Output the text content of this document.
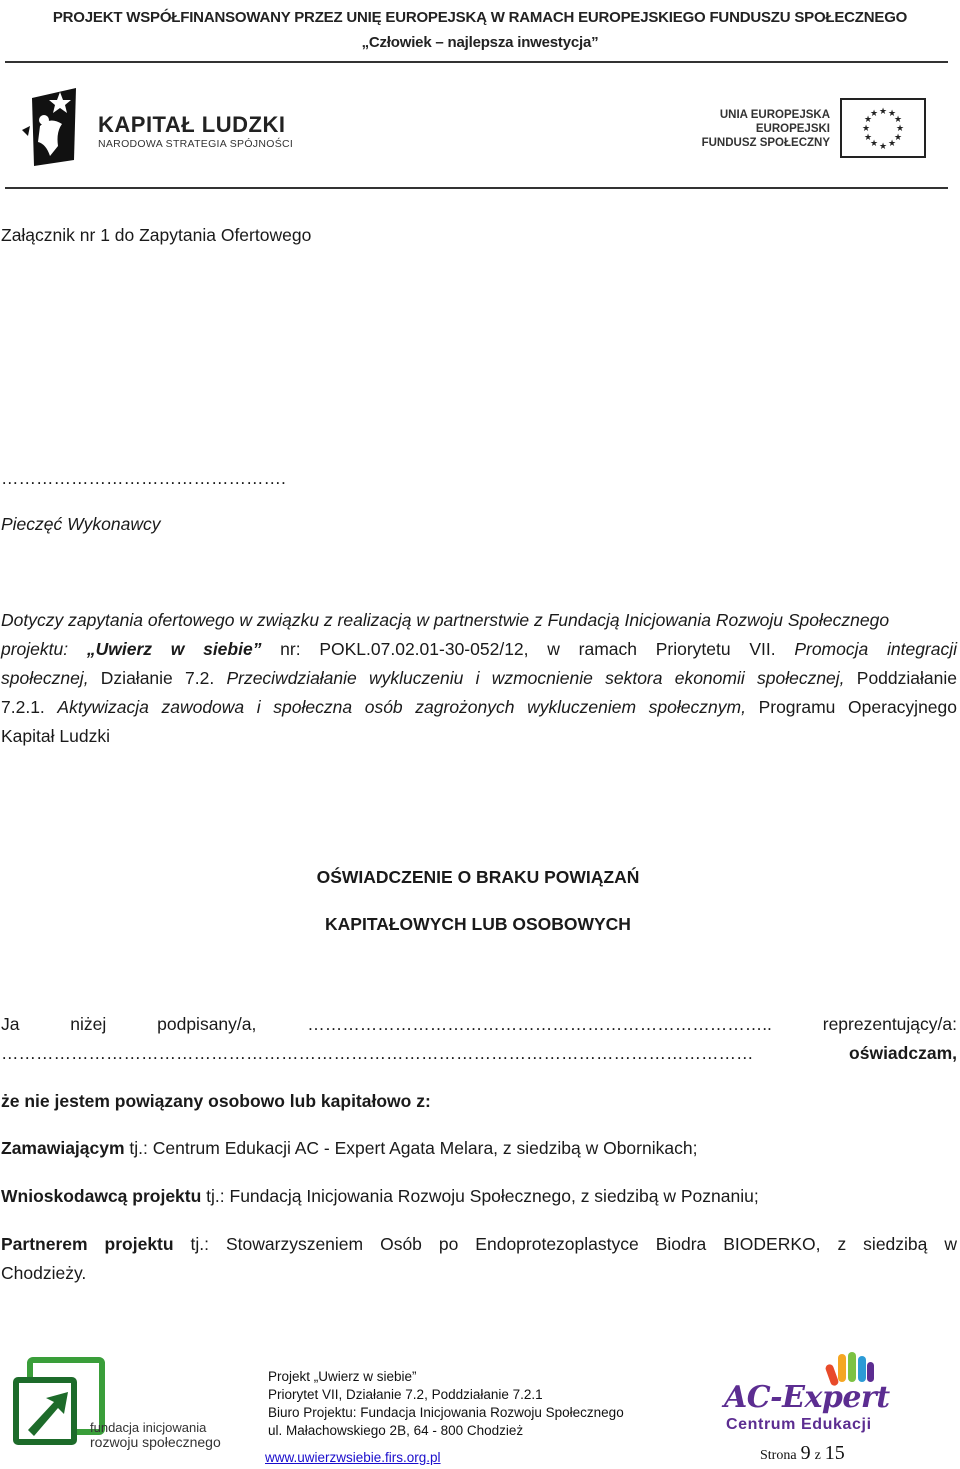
PROJEKT WSPÓŁFINANSOWANY PRZEZ UNIĘ EUROPEJSKĄ W RAMACH EUROPEJSKIEGO FUNDUSZU SPOŁECZNEGO
„Człowiek – najlepsza inwestycja”
KAPITAŁ LUDZKI
NARODOWA STRATEGIA SPÓJNOŚCI
UNIA EUROPEJSKA
EUROPEJSKI
FUNDUSZ SPOŁECZNY
★ ★
★
★
★
★
★
★
★
★
★
★
Załącznik nr 1 do Zapytania Ofertowego
………………………………………….
Pieczęć Wykonawcy
Dotyczy zapytania ofertowego w związku z realizacją w partnerstwie z Fundacją Inicjowania Rozwoju Społecznego
projektu: „Uwierz w siebie” nr: POKL.07.02.01-30-052/12, w ramach Priorytetu VII. Promocja integracji
społecznej, Działanie 7.2. Przeciwdziałanie wykluczeniu i wzmocnienie sektora ekonomii społecznej, Poddziałanie
7.2.1. Aktywizacja zawodowa i społeczna osób zagrożonych wykluczeniem społecznym, Programu Operacyjnego
Kapitał Ludzki
OŚWIADCZENIE O BRAKU POWIĄZAŃ
KAPITAŁOWYCH LUB OSOBOWYCH
Ja niżej podpisany/a, …………………………………………………………………….. reprezentujący/a:
………………………………………………………………………………………………………………… oświadczam,
że nie jestem powiązany osobowo lub kapitałowo z:
Zamawiającym tj.: Centrum Edukacji AC - Expert Agata Melara, z siedzibą w Obornikach;
Wnioskodawcą projektu tj.: Fundacją Inicjowania Rozwoju Społecznego, z siedzibą w Poznaniu;
Partnerem projektu tj.: Stowarzyszeniem Osób po Endoprotezoplastyce Biodra BIODERKO, z siedzibą w
Chodzieży.
fundacja inicjowania
rozwoju społecznego
Projekt „Uwierz w siebie”
Priorytet VII, Działanie 7.2, Poddziałanie 7.2.1
Biuro Projektu: Fundacja Inicjowania Rozwoju Społecznego
ul. Małachowskiego 2B, 64 - 800 Chodzież
www.uwierzwsiebie.firs.org.pl
AC-Expert
Centrum Edukacji
Strona 9 z 15
